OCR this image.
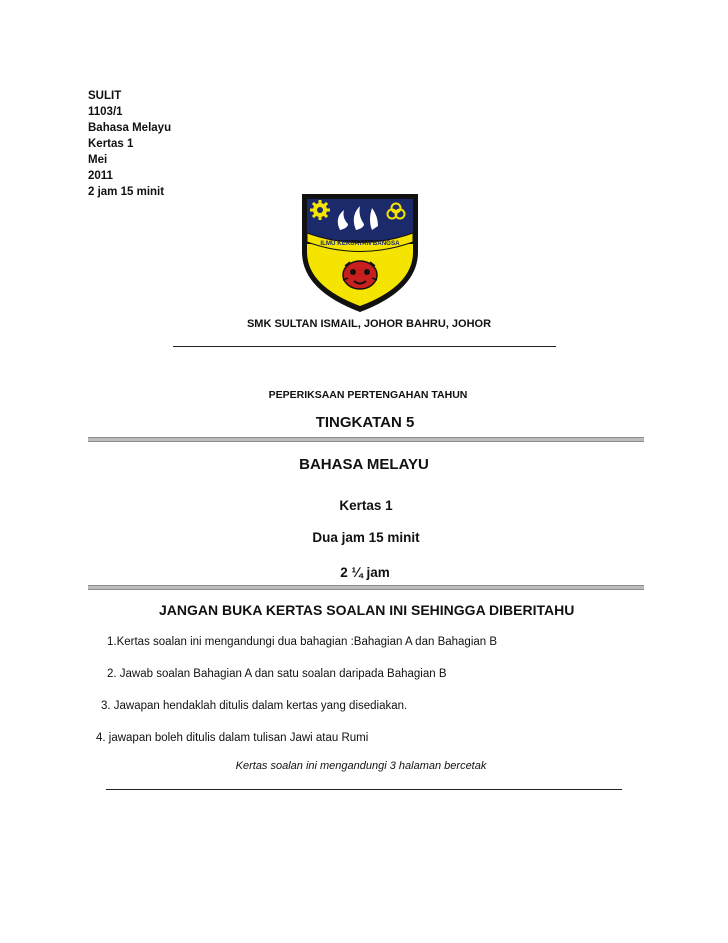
SULIT
1103/1
Bahasa Melayu
Kertas 1
Mei
2011
2 jam 15 minit
ILMU KEKUATAN BANGSA
SMK SULTAN ISMAIL, JOHOR BAHRU, JOHOR
PEPERIKSAAN PERTENGAHAN TAHUN
TINGKATAN 5
BAHASA MELAYU
Kertas 1
Dua jam 15 minit
2 ¼ jam
JANGAN BUKA KERTAS SOALAN INI SEHINGGA DIBERITAHU
1.Kertas soalan ini mengandungi dua bahagian :Bahagian A dan Bahagian B
2. Jawab soalan Bahagian A dan satu soalan daripada Bahagian B
3. Jawapan hendaklah ditulis dalam kertas yang disediakan.
4. jawapan boleh ditulis dalam tulisan Jawi atau Rumi
Kertas soalan ini mengandungi 3 halaman bercetak
